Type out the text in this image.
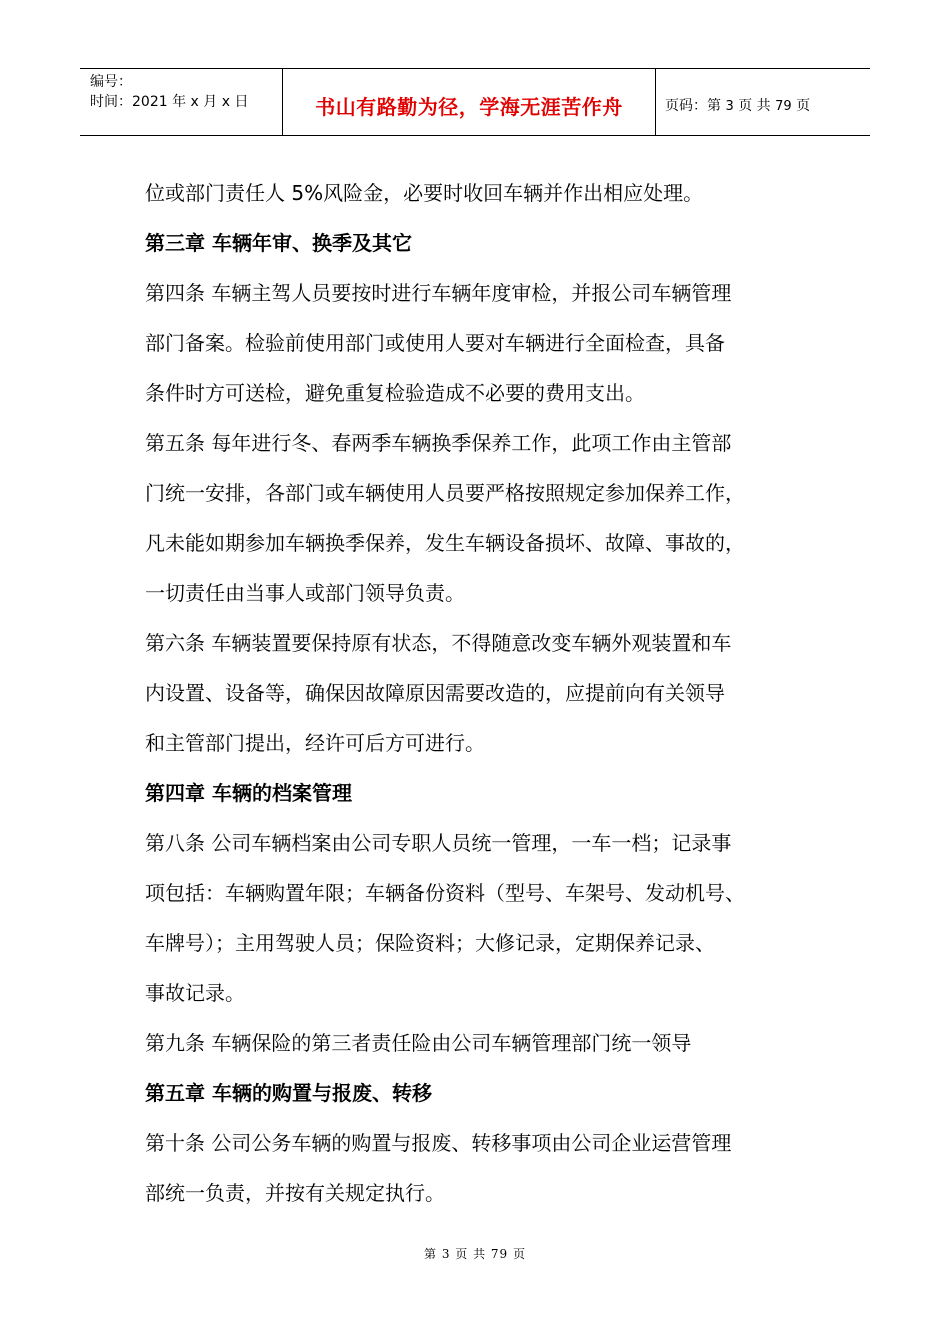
编号：
时间：2021 年 x 月 x 日	书山有路勤为径，学海无涯苦作舟	页码：第 3 页 共 79 页
位或部门责任人 5%风险金，必要时收回车辆并作出相应处理。
第三章 车辆年审、换季及其它
第四条 车辆主驾人员要按时进行车辆年度审检，并报公司车辆管理
部门备案。检验前使用部门或使用人要对车辆进行全面检查，具备
条件时方可送检，避免重复检验造成不必要的费用支出。
第五条 每年进行冬、春两季车辆换季保养工作，此项工作由主管部
门统一安排，各部门或车辆使用人员要严格按照规定参加保养工作，
凡未能如期参加车辆换季保养，发生车辆设备损坏、故障、事故的，
一切责任由当事人或部门领导负责。
第六条 车辆装置要保持原有状态，不得随意改变车辆外观装置和车
内设置、设备等，确保因故障原因需要改造的，应提前向有关领导
和主管部门提出，经许可后方可进行。
第四章 车辆的档案管理
第八条 公司车辆档案由公司专职人员统一管理，一车一档；记录事
项包括：车辆购置年限；车辆备份资料（型号、车架号、发动机号、
车牌号）；主用驾驶人员；保险资料；大修记录，定期保养记录、
事故记录。
第九条 车辆保险的第三者责任险由公司车辆管理部门统一领导
第五章 车辆的购置与报废、转移
第十条 公司公务车辆的购置与报废、转移事项由公司企业运营管理
部统一负责，并按有关规定执行。
第 3 页 共 79 页
